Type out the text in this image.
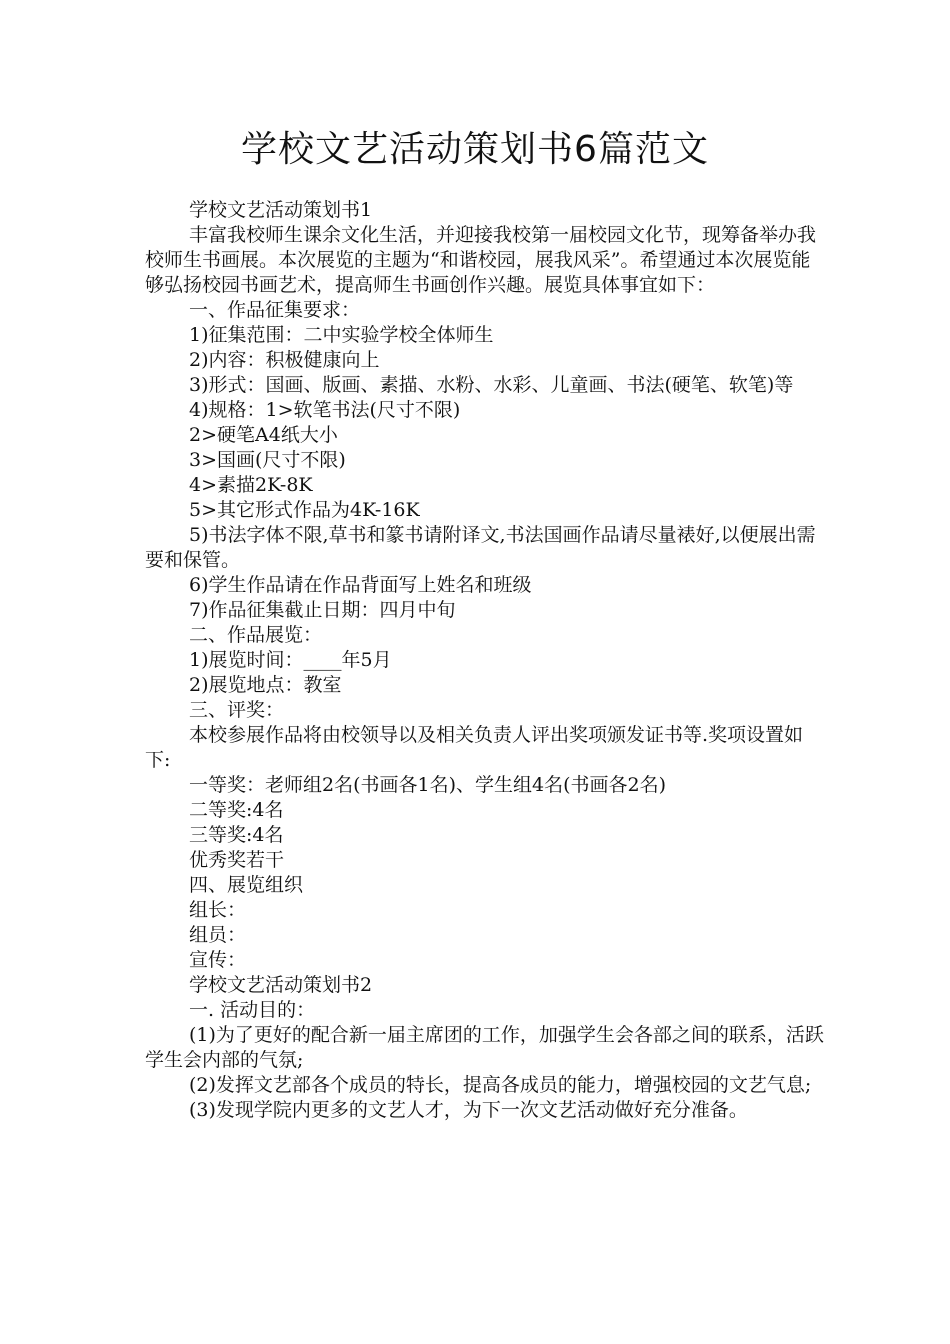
学校文艺活动策划书6篇范文

学校文艺活动策划书1

丰富我校师生课余文化生活，并迎接我校第一届校园文化节，现筹备举办我校师生书画展。本次展览的主题为“和谐校园，展我风采”。希望通过本次展览能够弘扬校园书画艺术，提高师生书画创作兴趣。展览具体事宜如下：

一、作品征集要求：

1)征集范围：二中实验学校全体师生

2)内容：积极健康向上

3)形式：国画、版画、素描、水粉、水彩、儿童画、书法(硬笔、软笔)等

4)规格：1>软笔书法(尺寸不限)

2>硬笔A4纸大小

3>国画(尺寸不限)

4>素描2K-8K

5>其它形式作品为4K-16K

5)书法字体不限,草书和篆书请附译文,书法国画作品请尽量裱好,以便展出需要和保管。

6)学生作品请在作品背面写上姓名和班级

7)作品征集截止日期：四月中旬

二、作品展览：

1)展览时间：____年5月

2)展览地点：教室

三、评奖：

本校参展作品将由校领导以及相关负责人评出奖项颁发证书等.奖项设置如下:

一等奖：老师组2名(书画各1名)、学生组4名(书画各2名)

二等奖:4名

三等奖:4名

优秀奖若干

四、展览组织

组长：

组员：

宣传：

学校文艺活动策划书2

一. 活动目的：

(1)为了更好的配合新一届主席团的工作，加强学生会各部之间的联系，活跃学生会内部的气氛;

(2)发挥文艺部各个成员的特长，提高各成员的能力，增强校园的文艺气息;

(3)发现学院内更多的文艺人才，为下一次文艺活动做好充分准备。
